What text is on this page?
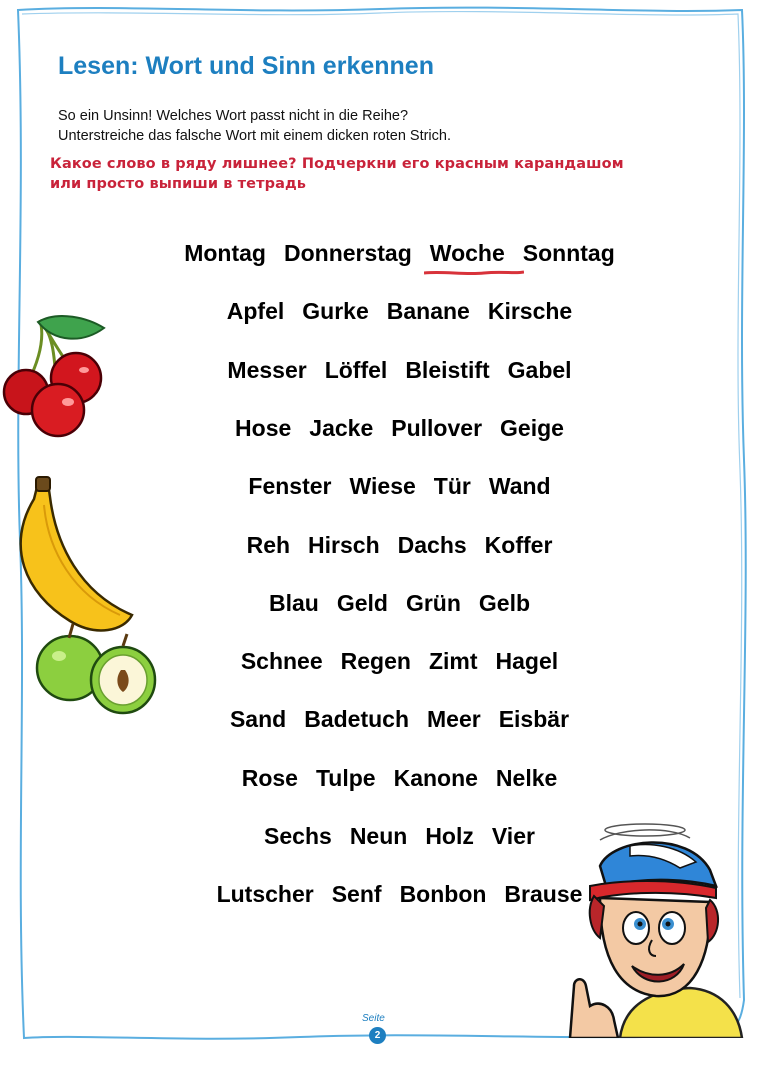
Lesen: Wort und Sinn erkennen
So ein Unsinn! Welches Wort passt nicht in die Reihe?
Unterstreiche das falsche Wort mit einem dicken roten Strich.
Какое слово в ряду лишнее? Подчеркни его красным карандашом
или просто выпиши в тетрадь
Montag Donnerstag Woche Sonntag
Apfel Gurke Banane Kirsche
Messer Löffel Bleistift Gabel
Hose Jacke Pullover Geige
Fenster Wiese Tür Wand
Reh Hirsch Dachs Koffer
Blau Geld Grün Gelb
Schnee Regen Zimt Hagel
Sand Badetuch Meer Eisbär
Rose Tulpe Kanone Nelke
Sechs Neun Holz Vier
Lutscher Senf Bonbon Brause
Seite
2
